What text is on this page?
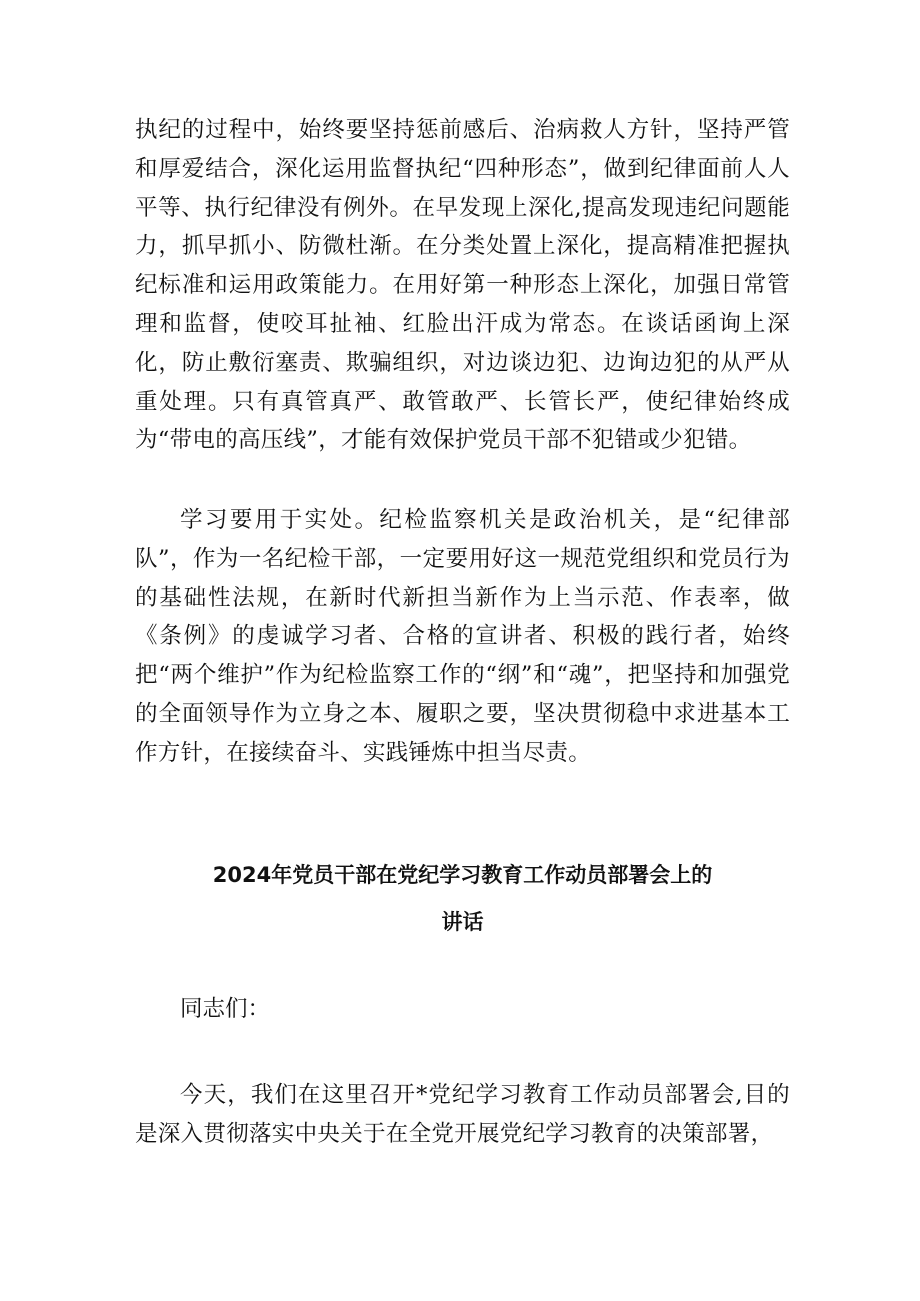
执纪的过程中，始终要坚持惩前感后、治病救人方针，坚持严管和厚爱结合，深化运用监督执纪“四种形态”，做到纪律面前人人平等、执行纪律没有例外。在早发现上深化,提高发现违纪问题能力，抓早抓小、防微杜渐。在分类处置上深化，提高精准把握执纪标准和运用政策能力。在用好第一种形态上深化，加强日常管理和监督，使咬耳扯袖、红脸出汗成为常态。在谈话函询上深化，防止敷衍塞责、欺骗组织，对边谈边犯、边询边犯的从严从重处理。只有真管真严、敢管敢严、长管长严，使纪律始终成为“带电的高压线”，才能有效保护党员干部不犯错或少犯错。

学习要用于实处。纪检监察机关是政治机关，是“纪律部队”，作为一名纪检干部，一定要用好这一规范党组织和党员行为的基础性法规，在新时代新担当新作为上当示范、作表率，做《条例》的虔诚学习者、合格的宣讲者、积极的践行者，始终把“两个维护”作为纪检监察工作的“纲”和“魂”，把坚持和加强党的全面领导作为立身之本、履职之要，坚决贯彻稳中求进基本工作方针，在接续奋斗、实践锤炼中担当尽责。

2024年党员干部在党纪学习教育工作动员部署会上的
讲话

同志们：

今天，我们在这里召开*党纪学习教育工作动员部署会,目的是深入贯彻落实中央关于在全党开展党纪学习教育的决策部署，
